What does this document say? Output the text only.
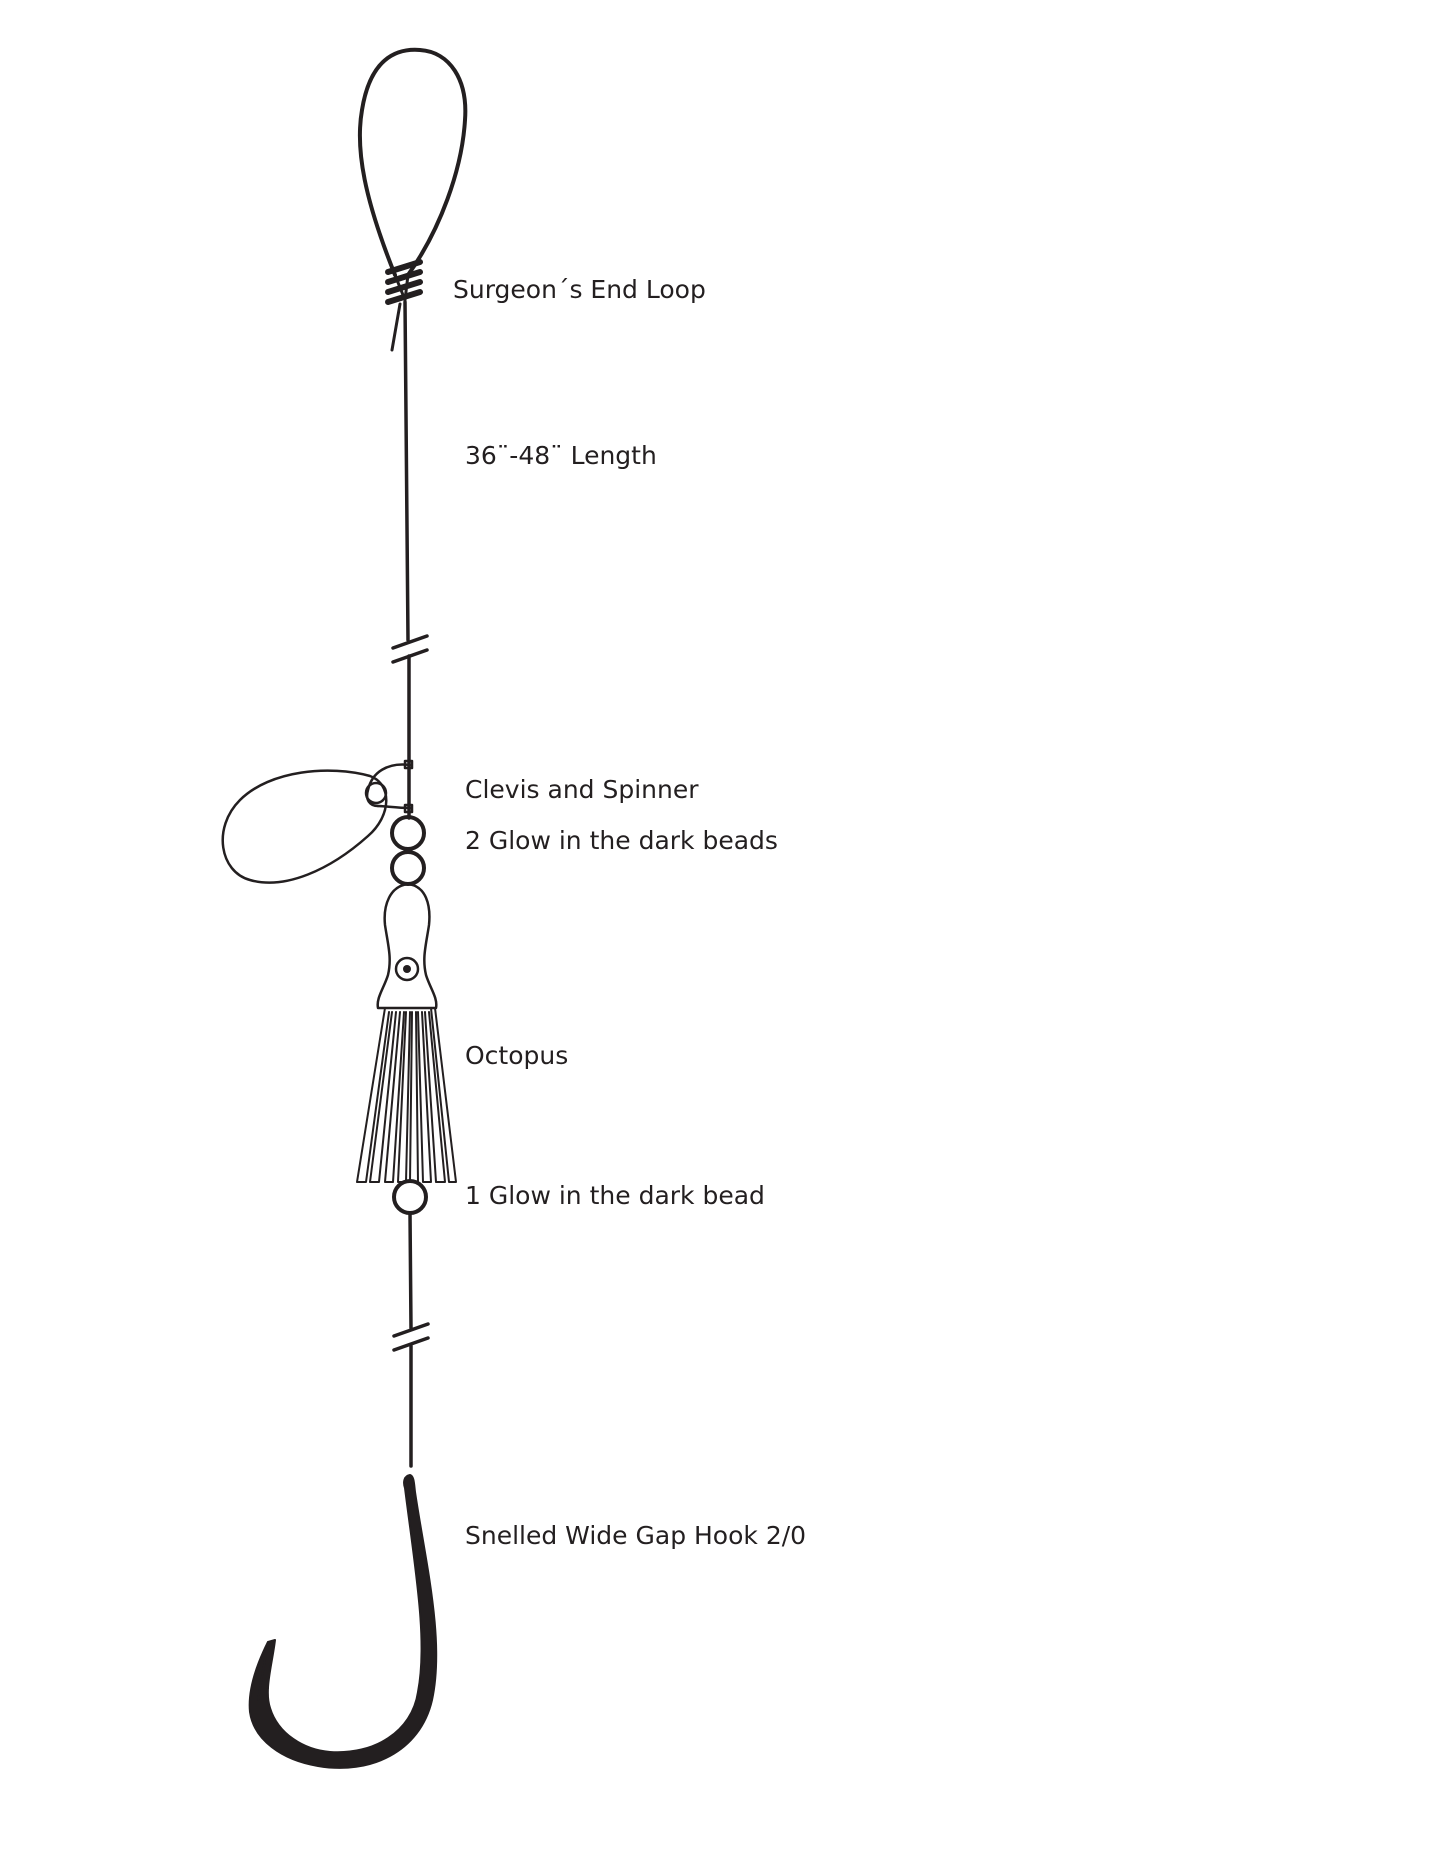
Surgeon´s End Loop
36¨-48¨ Length
Clevis and Spinner
2 Glow in the dark beads
Octopus
1 Glow in the dark bead
Snelled Wide Gap Hook 2/0
